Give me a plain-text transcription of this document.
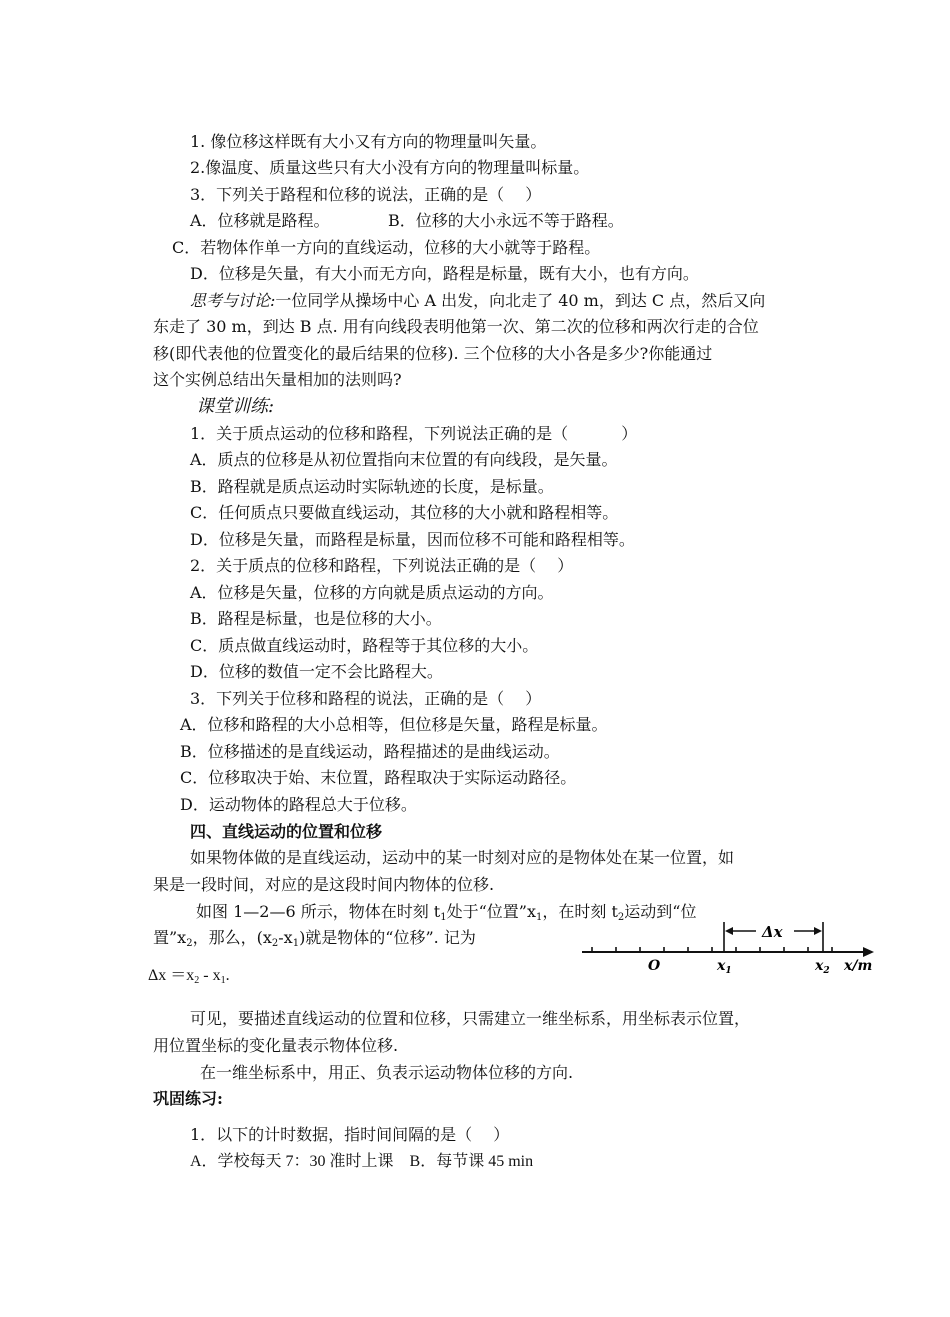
1. 像位移这样既有大小又有方向的物理量叫矢量。
2.像温度、质量这些只有大小没有方向的物理量叫标量。
3．下列关于路程和位移的说法，正确的是（　 ）
A．位移就是路程。	B．位移的大小永远不等于路程。
C．若物体作单一方向的直线运动，位移的大小就等于路程。
D．位移是矢量，有大小而无方向，路程是标量，既有大小，也有方向。
思考与讨论:一位同学从操场中心 A 出发，向北走了 40 m，到达 C 点，然后又向
东走了 30 m，到达 B 点. 用有向线段表明他第一次、第二次的位移和两次行走的合位
移(即代表他的位置变化的最后结果的位移). 三个位移的大小各是多少?你能通过
这个实例总结出矢量相加的法则吗?
课堂训练:
1．关于质点运动的位移和路程，下列说法正确的是（　　　 ）
A．质点的位移是从初位置指向末位置的有向线段，是矢量。
B．路程就是质点运动时实际轨迹的长度，是标量。
C．任何质点只要做直线运动，其位移的大小就和路程相等。
D．位移是矢量，而路程是标量，因而位移不可能和路程相等。
2．关于质点的位移和路程，下列说法正确的是（　 ）
A．位移是矢量，位移的方向就是质点运动的方向。
B．路程是标量，也是位移的大小。
C．质点做直线运动时，路程等于其位移的大小。
D．位移的数值一定不会比路程大。
3．下列关于位移和路程的说法，正确的是（　 ）
A．位移和路程的大小总相等，但位移是矢量，路程是标量。
B．位移描述的是直线运动，路程描述的是曲线运动。
C．位移取决于始、末位置，路程取决于实际运动路径。
D．运动物体的路程总大于位移。
四、直线运动的位置和位移
如果物体做的是直线运动，运动中的某一时刻对应的是物体处在某一位置，如
果是一段时间，对应的是这段时间内物体的位移.
如图 1—2—6 所示，物体在时刻 $t_1$处于“位置$”x_1$，在时刻 $t_2$运动到“位
置$”x_2$，那么，$(x_2-x_1)$就是物体的“位移”. 记为
$\Delta x =x_2 - x_1$.
Δx
O	$x_1$	$x_2$ x/m
可见，要描述直线运动的位置和位移，只需建立一维坐标系，用坐标表示位置，
用位置坐标的变化量表示物体位移.
在一维坐标系中，用正、负表示运动物体位移的方向.
巩固练习:
1．以下的计时数据，指时间间隔的是（　 ）
A．学校每天 7：30 准时上课　B．每节课 45 min
